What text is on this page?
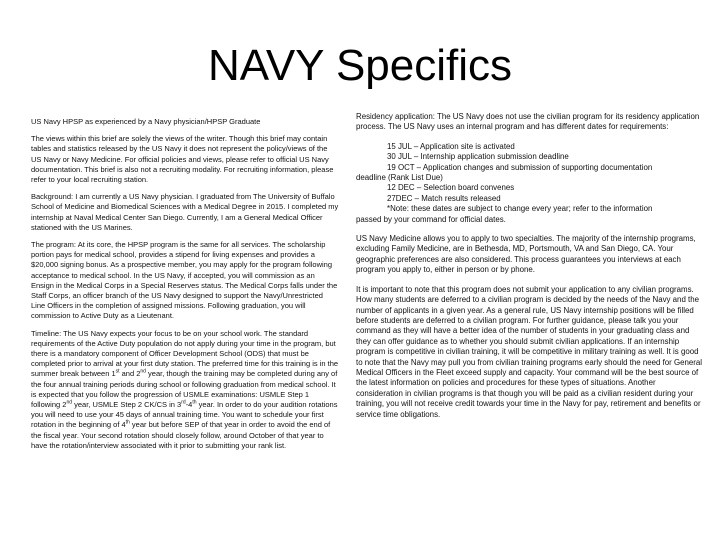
NAVY Specifics

US Navy HPSP as experienced by a Navy physician/HPSP Graduate

The views within this brief are solely the views of the writer. Though this brief may contain tables and statistics released by the US Navy it does not represent the policy/views of the US Navy or Navy Medicine. For official policies and views, please refer to official US Navy documentation. This brief is also not a recruiting modality. For recruiting information, please refer to your local recruiting station.

Background: I am currently a US Navy physician. I graduated from The University of Buffalo School of Medicine and Biomedical Sciences with a Medical Degree in 2015. I completed my internship at Naval Medical Center San Diego. Currently, I am a General Medical Officer stationed with the US Marines.

The program: At its core, the HPSP program is the same for all services. The scholarship portion pays for medical school, provides a stipend for living expenses and provides a $20,000 signing bonus. As a prospective member, you may apply for the program following acceptance to medical school. In the US Navy, if accepted, you will commission as an Ensign in the Medical Corps in a Special Reserves status. The Medical Corps falls under the Staff Corps, an officer branch of the US Navy designed to support the Navy/Unrestricted Line Officers in the completion of assigned missions. Following graduation, you will commission to Active Duty as a Lieutenant.

Timeline: The US Navy expects your focus to be on your school work. The standard requirements of the Active Duty population do not apply during your time in the program, but there is a mandatory component of Officer Development School (ODS) that must be completed prior to arrival at your first duty station. The preferred time for this training is in the summer break between 1st and 2nd year, though the training may be completed during any of the four annual training periods during school or following graduation from medical school. It is expected that you follow the progression of USMLE examinations: USMLE Step 1 following 2nd year, USMLE Step 2 CK/CS in 3rd-4th year. In order to do your audition rotations you will need to use your 45 days of annual training time. You want to schedule your first rotation in the beginning of 4th year but before SEP of that year in order to avoid the end of the fiscal year. Your second rotation should closely follow, around October of that year to have the rotation/interview associated with it prior to submitting your rank list.

Residency application: The US Navy does not use the civilian program for its residency application process. The US Navy uses an internal program and has different dates for requirements:

15 JUL – Application site is activated
30 JUL – Internship application submission deadline
19 OCT – Application changes and submission of supporting documentation
deadline (Rank List Due)
12 DEC – Selection board convenes
27DEC – Match results released
*Note: these dates are subject to change every year; refer to the information
passed by your command for official dates.

US Navy Medicine allows you to apply to two specialties. The majority of the internship programs, excluding Family Medicine, are in Bethesda, MD, Portsmouth, VA and San Diego, CA. Your geographic preferences are also considered. This process guarantees you interviews at each program you apply to, either in person or by phone.

It is important to note that this program does not submit your application to any civilian programs. How many students are deferred to a civilian program is decided by the needs of the Navy and the number of applicants in a given year. As a general rule, US Navy internship positions will be filled before students are deferred to a civilian program. For further guidance, please talk you your command as they will have a better idea of the number of students in your graduating class and they can offer guidance as to whether you should submit civilian applications. If an internship program is competitive in civilian training, it will be competitive in military training as well. It is good to note that the Navy may pull you from civilian training programs early should the need for General Medical Officers in the Fleet exceed supply and capacity. Your command will be the best source of the latest information on policies and procedures for these types of situations. Another consideration in civilian programs is that though you will be paid as a civilian resident during your training, you will not receive credit towards your time in the Navy for pay, retirement and benefits or service time obligations.
